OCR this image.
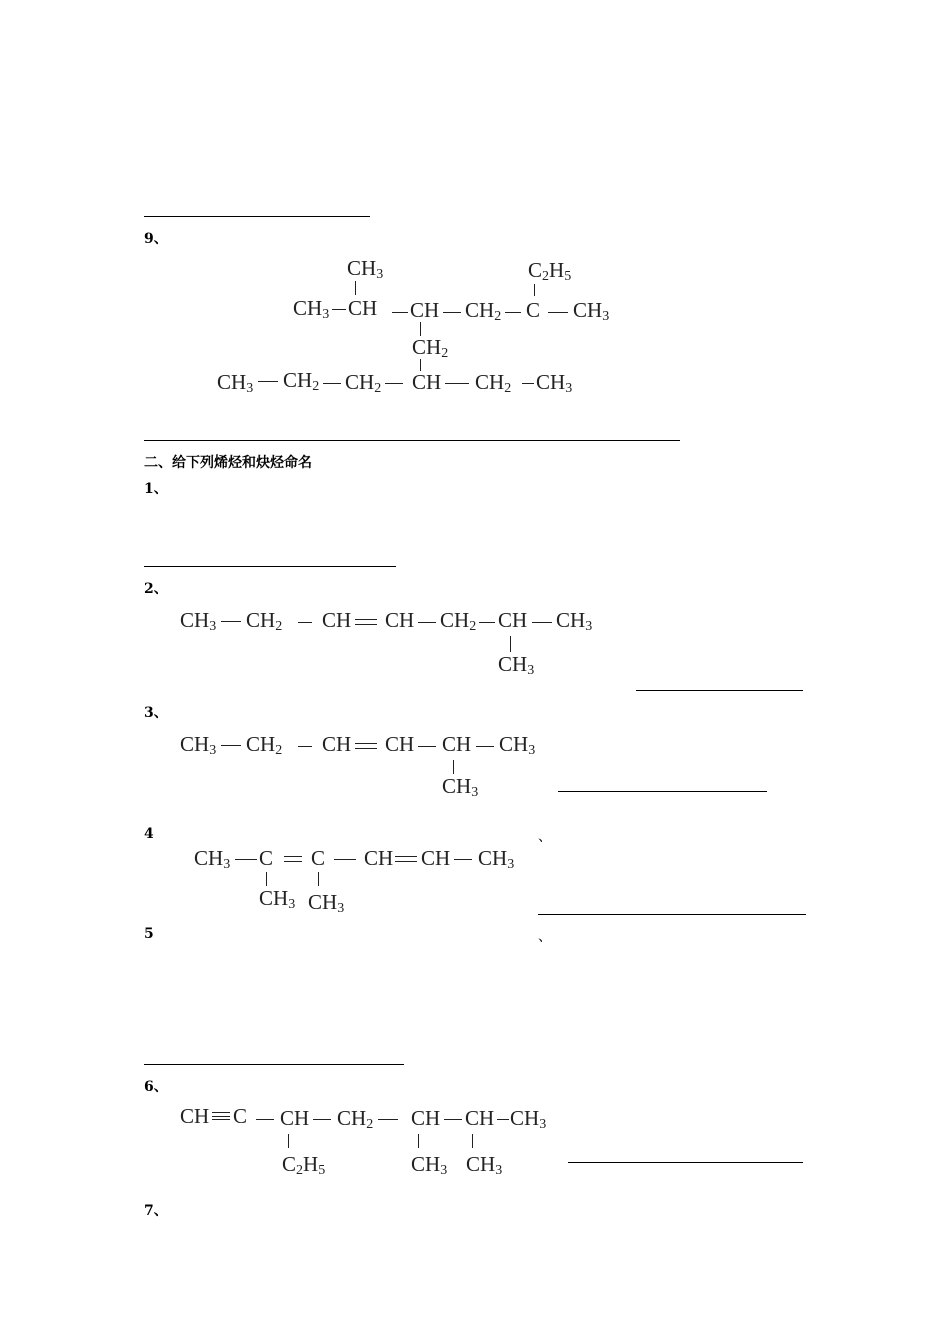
9、
$CH_3$	$C_2H_5$
$CH_3$ CH CH $CH_2$ C $CH_3$
$CH_2$
$CH_3$ $CH_2$ $CH_2$ CH $CH_2$ $CH_3$
二、给下列烯烃和炔烃命名
1、
2、
$CH_3$ $CH_2$ CH CH $CH_2$ CH $CH_3$
$CH_3$
3、
$CH_3$ $CH_2$ CH CH CH $CH_3$
$CH_3$
4	、
$CH_3$ C C CH CH $CH_3$
$CH_3$ $CH_3$
5	、
6、
CH C CH $CH_2$ CH CH $CH_3$
$C_2H_5$	$CH_3$ $CH_3$
7、
